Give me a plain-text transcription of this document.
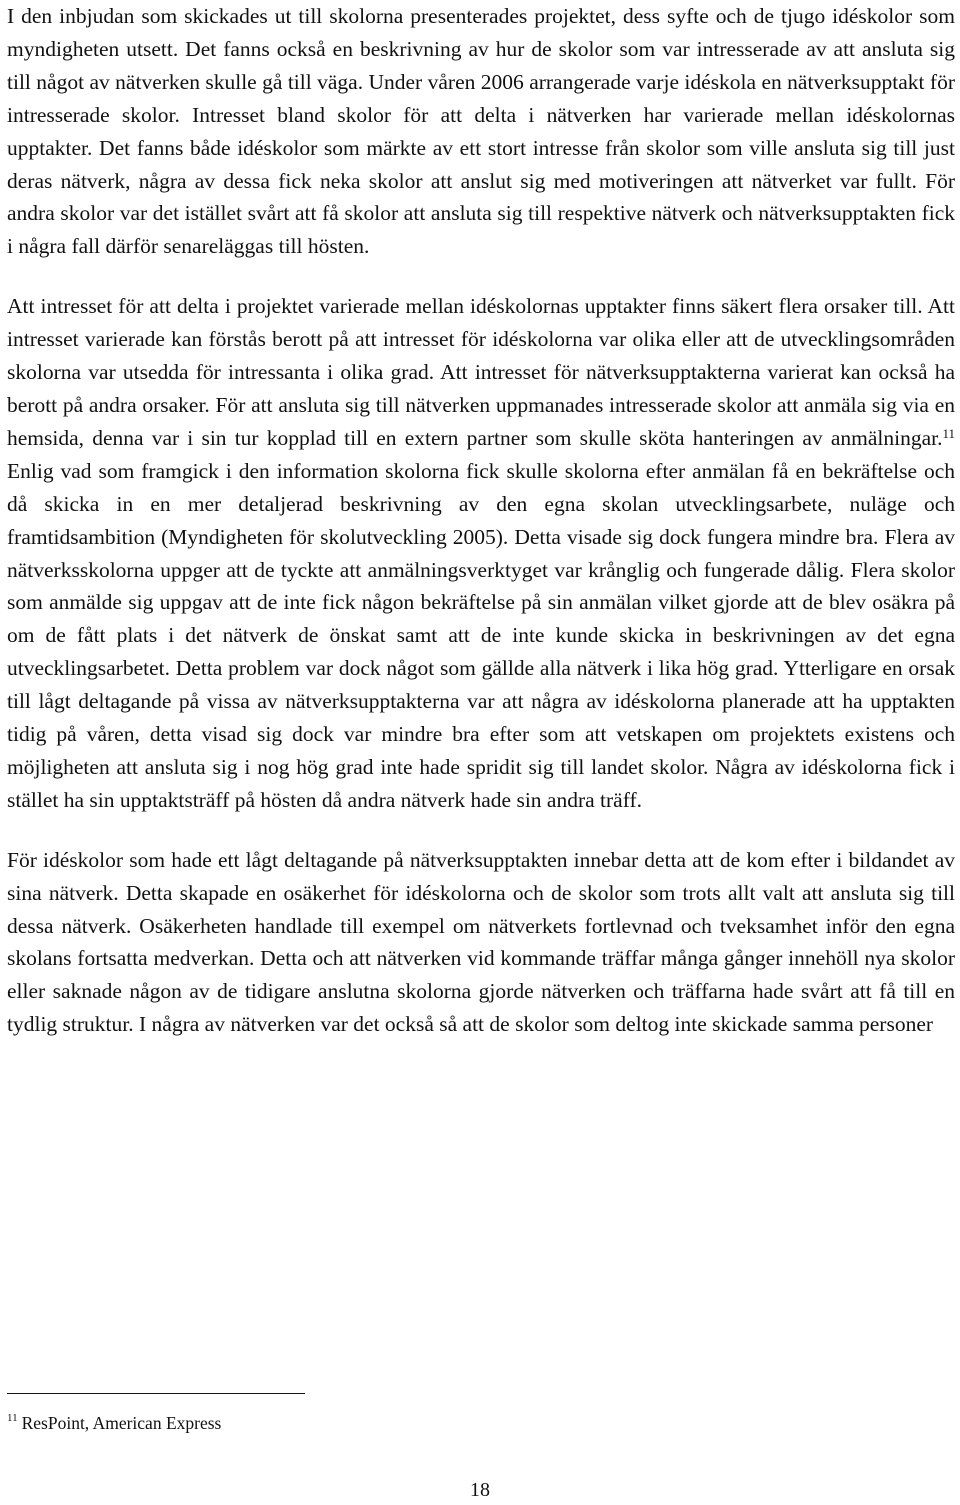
I den inbjudan som skickades ut till skolorna presenterades projektet, dess syfte och de tjugo idéskolor som myndigheten utsett. Det fanns också en beskrivning av hur de skolor som var intresserade av att ansluta sig till något av nätverken skulle gå till väga. Under våren 2006 arrangerade varje idéskola en nätverksupptakt för intresserade skolor. Intresset bland skolor för att delta i nätverken har varierade mellan idéskolornas upptakter. Det fanns både idéskolor som märkte av ett stort intresse från skolor som ville ansluta sig till just deras nätverk, några av dessa fick neka skolor att anslut sig med motiveringen att nätverket var fullt. För andra skolor var det istället svårt att få skolor att ansluta sig till respektive nätverk och nätverksupptakten fick i några fall därför senareläggas till hösten.

Att intresset för att delta i projektet varierade mellan idéskolornas upptakter finns säkert flera orsaker till. Att intresset varierade kan förstås berott på att intresset för idéskolorna var olika eller att de utvecklingsområden skolorna var utsedda för intressanta i olika grad. Att intresset för nätverksupptakterna varierat kan också ha berott på andra orsaker. För att ansluta sig till nätverken uppmanades intresserade skolor att anmäla sig via en hemsida, denna var i sin tur kopplad till en extern partner som skulle sköta hanteringen av anmälningar.$^{11}$ Enlig vad som framgick i den information skolorna fick skulle skolorna efter anmälan få en bekräftelse och då skicka in en mer detaljerad beskrivning av den egna skolan utvecklingsarbete, nuläge och framtidsambition (Myndigheten för skolutveckling 2005). Detta visade sig dock fungera mindre bra. Flera av nätverksskolorna uppger att de tyckte att anmälningsverktyget var krånglig och fungerade dålig. Flera skolor som anmälde sig uppgav att de inte fick någon bekräftelse på sin anmälan vilket gjorde att de blev osäkra på om de fått plats i det nätverk de önskat samt att de inte kunde skicka in beskrivningen av det egna utvecklingsarbetet. Detta problem var dock något som gällde alla nätverk i lika hög grad. Ytterligare en orsak till lågt deltagande på vissa av nätverksupptakterna var att några av idéskolorna planerade att ha upptakten tidig på våren, detta visad sig dock var mindre bra efter som att vetskapen om projektets existens och möjligheten att ansluta sig i nog hög grad inte hade spridit sig till landet skolor. Några av idéskolorna fick i stället ha sin upptaktsträff på hösten då andra nätverk hade sin andra träff.

För idéskolor som hade ett lågt deltagande på nätverksupptakten innebar detta att de kom efter i bildandet av sina nätverk. Detta skapade en osäkerhet för idéskolorna och de skolor som trots allt valt att ansluta sig till dessa nätverk. Osäkerheten handlade till exempel om nätverkets fortlevnad och tveksamhet inför den egna skolans fortsatta medverkan. Detta och att nätverken vid kommande träffar många gånger innehöll nya skolor eller saknade någon av de tidigare anslutna skolorna gjorde nätverken och träffarna hade svårt att få till en tydlig struktur. I några av nätverken var det också så att de skolor som deltog inte skickade samma personer

$^{11}$ ResPoint, American Express
18
